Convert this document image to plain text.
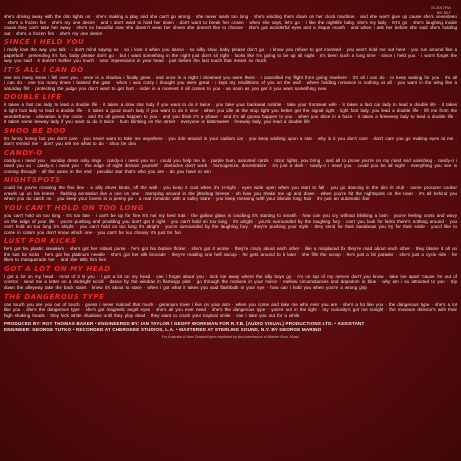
ELEKTRA
5E-507
she's driving away with the dim lights on · she's making a play and she can't go wrong · she never waits too long · she's winding them down on her clock machine · and she won't give up cause she's seventeen · she's a frozen fire · she's my one desire · and I don't want to hold her down · don't want to break her crown · when she says, let's go · I like the nightlife baby, she's my lady · let's go · she's laughing inside cause they can't take her away · she's so beautiful now she doesn't wear her shoes she doesn't like to choose · she's got wonderful eyes and a risque mouth · and when i ask her before she said she's holding out · she's a frozen fire · she's my one desire
SINCE I HELD YOU
i really love the way you talk · i don't mind saying so · so i love it when you dance · so silky slow, baby please don't go · i know you refuse to get involved · you won't hold me out here · you run around like a paperboll · pretending it's fun, baby please don't go · but i want something in the night just don't sit right · looks like i'm going to be up all night · it's been such a long time · since i held you · i won't forget the way you said · it doesn't bother you much · tutor impressions in your head · just before the last touch that meant so much
IT'S ALL I CAN DO
one too many times i fell over you · once in a shadow i finally grew · and once in a night i dreamed you were there · i cancelled my flight from going nowhere · it's all i can do · to keep waiting for you · it's all i can do · one too many times i twisted the gate · when i was crazy i thought you were great · i kept my rendittions of you on the wall · where holding romance is nothing at all · you want in the wing like a saturday flirt · protecting the judge you don't want to get hurt · order in a moment it all comes to you · as soon as you get it you want something new
DOUBLE LIFE
it takes a fast car lady to lead a double life · it takes a slow star lady if you want to do it twice · you take your backseat rumble · take your frontseat wife · it takes a fast car lady to lead a double life · it takes a light foot lady to lead a double life · it takes a good touch lady if you want to do it nice · when you idle at the stop light you better get the signal right · light foot lady, you lead a double life · lift me from the wonderframe · alienation is the craze · and it's all gonna happen to you · and you think it's a phase · and it's all gonna happen to you · when you drive in a haze · it takes a firewerey lady to lead a double life · it takes some leeway lady if you want to do it twice · hum blinking on the street · everyone is bittersweet · freeway lady, you lead a double life
SHOO BE DOO
it's funny honey but you don't care · you never want to take me anywhere · you ride around in your cadium car · you keep wishing upon a star · why is it you don't care · don't care you go making eyes at me · don't remind me · don't you tell me what to do · shoo be doo
CANDY-O
candy-o i need you · sunday dress ruby rings · candy-o i need you so · could you help me in · purple hum, assorted cards · razor lights, you bring · and all to prove you're on my mind and vanishing · candy-o i need you so · candy-o i need you · the edge of night distract yourself · obstacles don't work · homogenize, decentralize · it's just a dark · candy-o i need you · could you be all night · everything you see is coming through · all the same in the end · peculiar star that's who you are · do you have to win
NIGHTSPOTS
could be you're crossing the fine line · a silly driver kinds, off the wall · you keep it cool when it's t-t-tight · eyes wide open when you start to fall · you go dancing in the dim lit club · some procurer cooker crawls up on his knees · flashing sensation like a one on one · stomping around in the jitterbug breeze · oh how you shake me up and down · when you're hit the nightspots on the town · it's all behind you when you do catch on · you keep your lovers in a penny jar · a real romantic with a sultry stare · you keep messing with your blonde long hair · it's just an automatic line
YOU CAN'T HOLD ON TOO LONG
you can't hold on too long · it's too late · i can't be up for hire it's not my best trait · the gallow glass is cracking it's starting to smash · how can you cry without blinking a lash · you're feeling cross and wavy on the edge of your life · you're pushing and prodding you don't get it right · you can't hold on too long · it's alright · you're surrounded by the laughing fury · can't you look for kicks there's nothing around · you can't hold on too long it's alright · you can't hold on too long it's alright · you're surrounded by the laughing fury · they're pushing your style · they send for their bandanas you try for their smile · you'd like to come in colors you don't know which one · you can't be too choosy it's just for fun
LUST FOR KICKS
he's got his plastic sneakers · she's got her robust purse · he's got his butane flicker · she's got it worse · they're crazy about each other · like a misplaced fix they're mad about each other · they blame it all on the lust for kicks · he's got his platinum needle · she's got her silk brocade · they're reading one hell swoop · he gets around to it later · she fills the scoop · he's just a hit parader · she's just a cycle ride · he likes to masquerade her · and she tells him lies
GOT A LOT ON MY HEAD
i got a lot on my head · most of it is you · i got a lot on my head · can i forget about you · lock me away where the silly boys go · i'm on top of my nerves don't you know · take me apart 'cause i'm out of control · send me a letter on a midnight scroll · dance by the window in flamingo pink · go through the motions in your mirror · mellow circumstances and dopedom in blue · why am i so attracted to you · trip down the alleyway take the back stairs · knew it's about to stare · when i got what it takes you said flashbulb in your eye · how can i hold you when you're a wrong grip
THE DANGEROUS TYPE
can touch you are you out of touch · guess i never noticed that much · geranium lover i live on your arm · when you come and take me who ever you are · she's a lot like you · the dangerous type · she's a lot like you · she's the dangerous type · she's got magnetic angel eyes · she's all you ever need · she's the dangerous type · you're out in the light · my curiosity's got me tonight · the museum director's with their high shaking heads · they kick white shadows until they play dead · they want to crush your tropical smile · can i take you out for a while
PRODUCED BY: ROY THOMAS BAKER • ENGINEERED BY: IAN TAYLOR / GEOFF WORKMAN FOR R.T.B. (AUDIO VISUAL) PRODUCTIONS LTD. • ASSISTANT
ENGINEER: GEORGE TUTKO • RECORDED AT CHEROKEE STUDIOS, L.A. • MASTERED AT STERLING SOUND, N.Y. BY GEORGE MARINO
For Australia & New Zealand lyrics reprinted by kind permission of Warner Bros. Music
